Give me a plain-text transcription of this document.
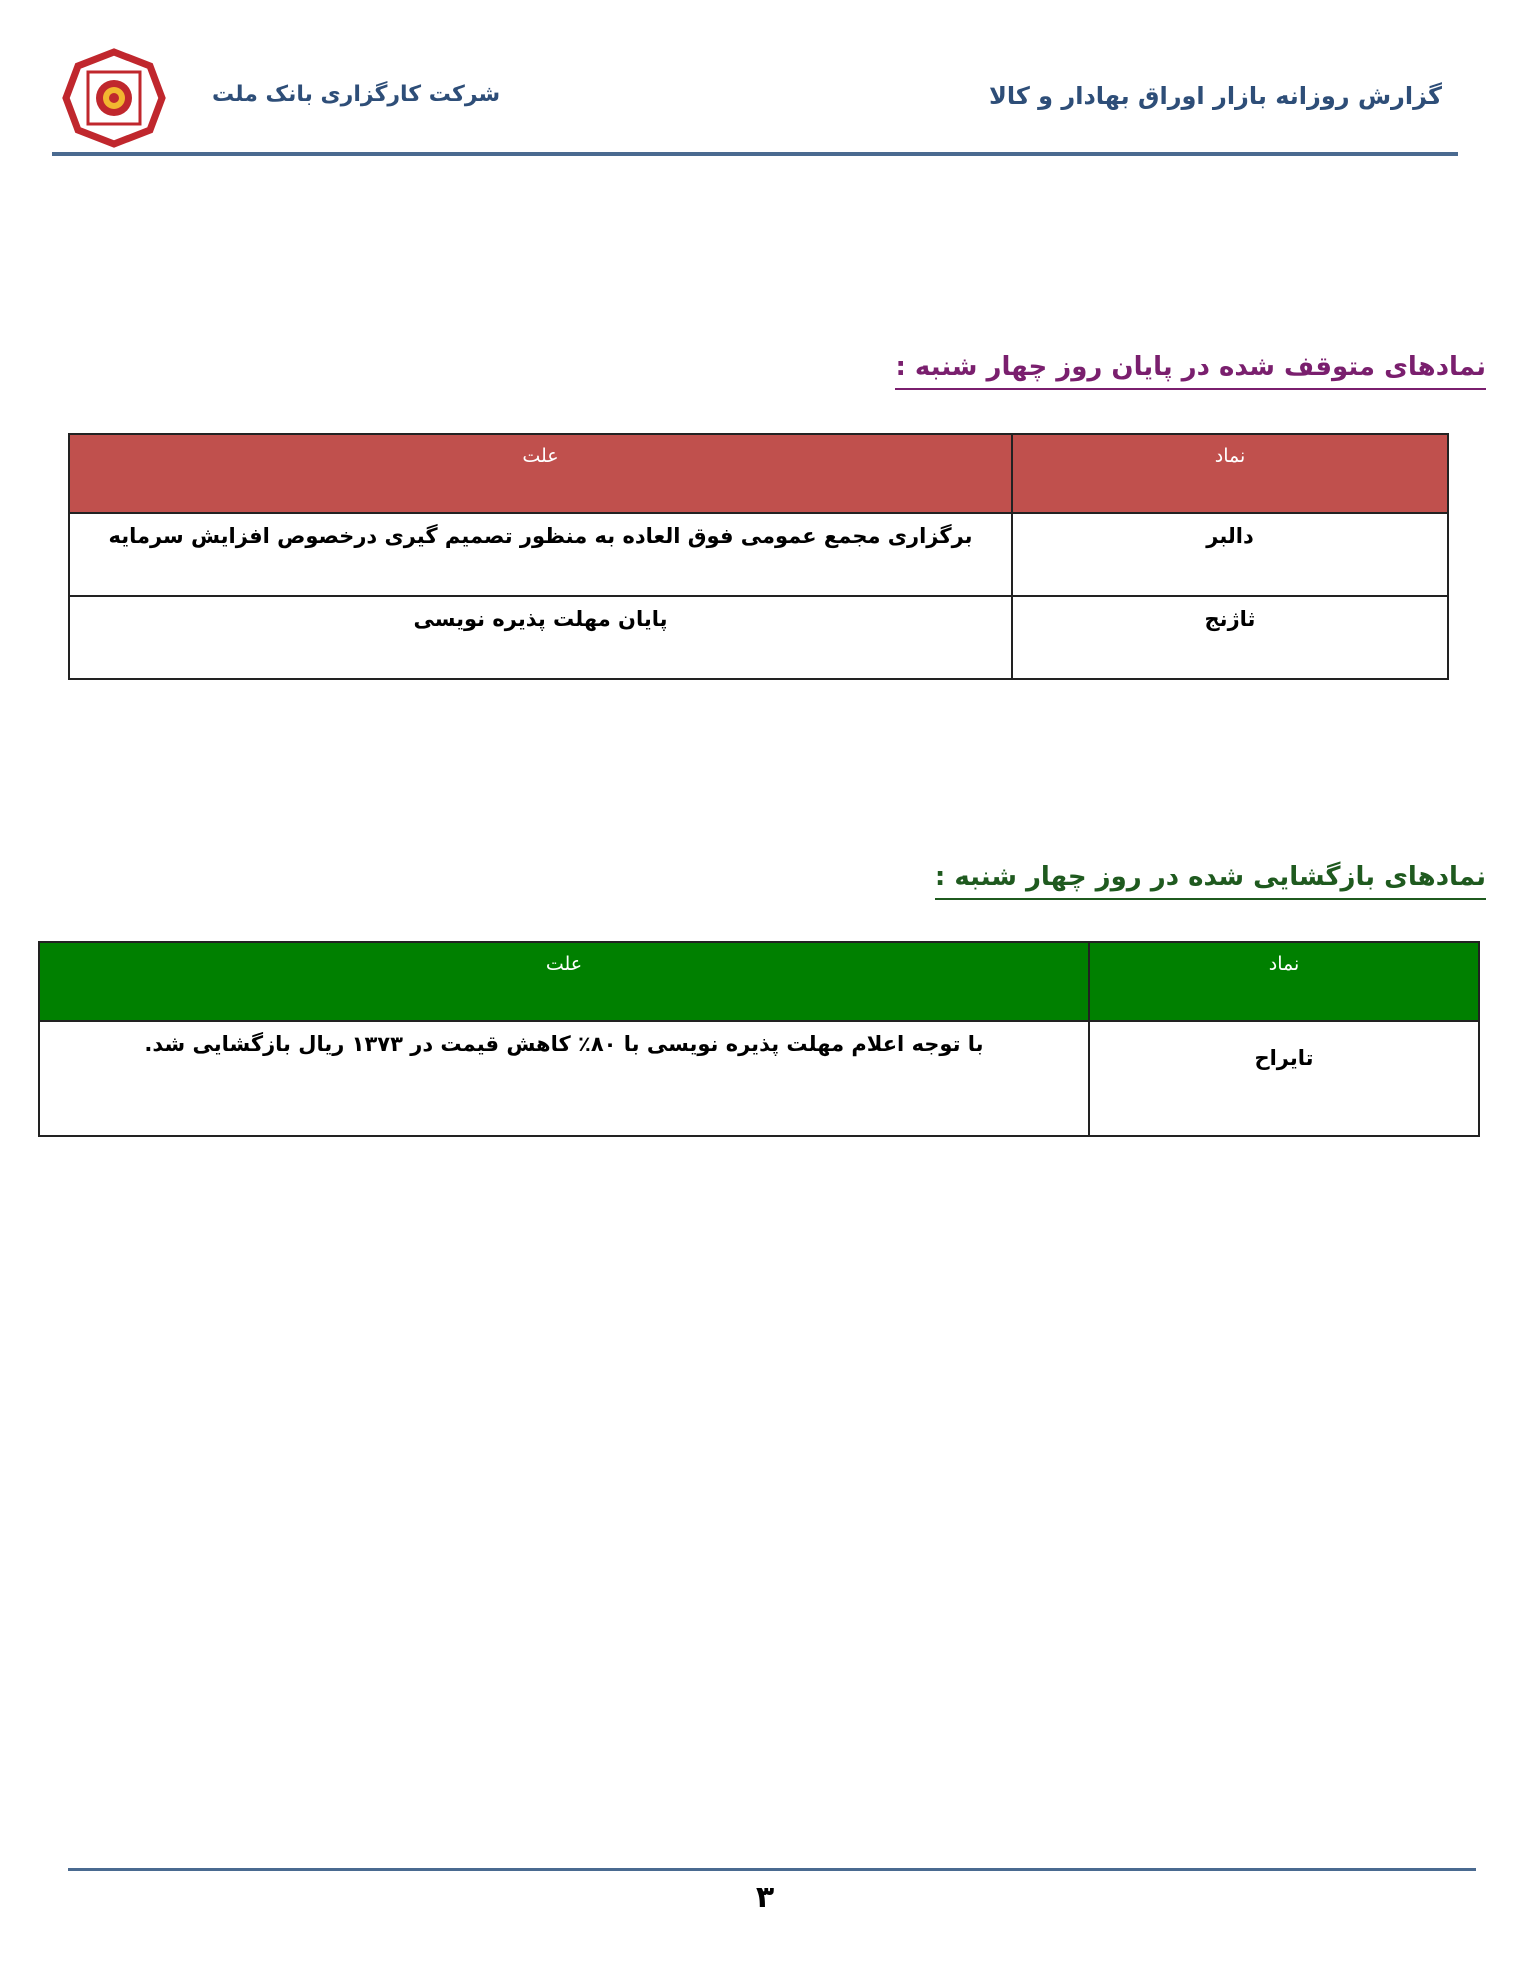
گزارش روزانه بازار اوراق بهادار و کالا
شرکت کارگزاری بانک ملت
نمادهای متوقف شده در پایان روز چهار شنبه :
نماد	علت
دالبر	برگزاری مجمع عمومی فوق العاده به منظور تصمیم گیری درخصوص افزایش سرمایه
ثاژنج	پایان مهلت پذیره نویسی
نمادهای بازگشایی شده در روز چهار شنبه :
نماد	علت
تایراح	با توجه اعلام مهلت پذیره نویسی با ۸۰٪ کاهش قیمت در ۱۳۷۳ ریال بازگشایی شد.
۳
